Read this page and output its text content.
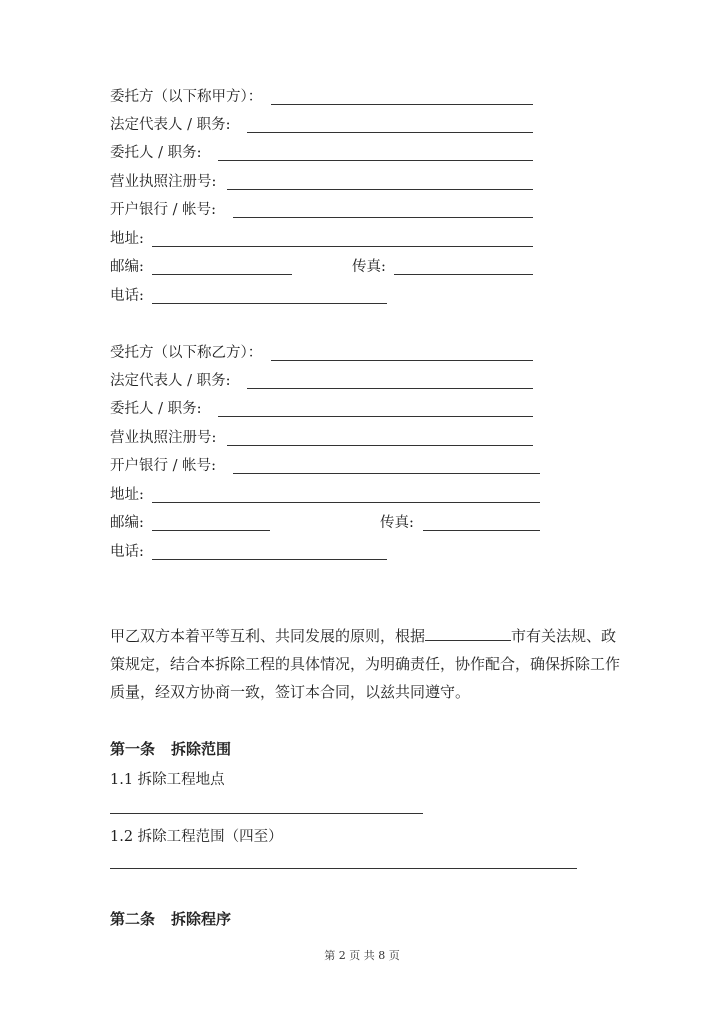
委托方（以下称甲方）：
法定代表人 / 职务:
委托人 / 职务:
营业执照注册号:
开户银行 / 帐号:
地址:
邮编:	传真:
电话:
受托方（以下称乙方）：
法定代表人 / 职务:
委托人 / 职务:
营业执照注册号:
开户银行 / 帐号:
地址:
邮编:	传真:
电话:
甲乙双方本着平等互利、共同发展的原则，根据	市有关法规、政策规定，结合本拆除工程的具体情况，为明确责任，协作配合，确保拆除工作质量，经双方协商一致，签订本合同，以兹共同遵守。
第一条 拆除范围
1.1 拆除工程地点
1.2 拆除工程范围（四至）
第二条 拆除程序
第 2 页 共 8 页
